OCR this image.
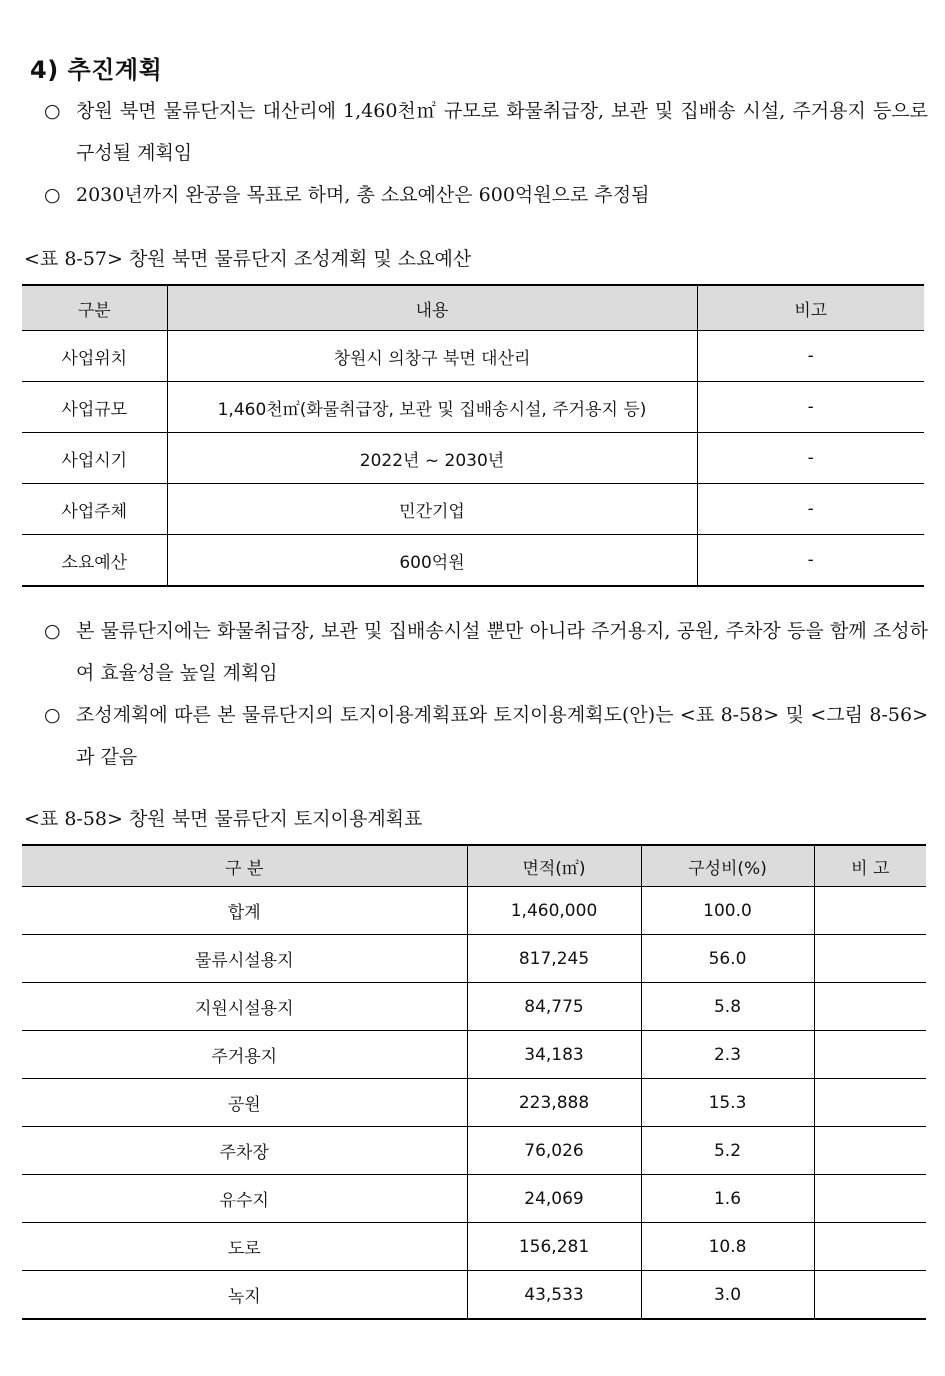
4) 추진계획
○ 창원 북면 물류단지는 대산리에 1,460천㎡ 규모로 화물취급장, 보관 및 집배송 시설, 주거용지 등으로 구성될 계획임
○ 2030년까지 완공을 목표로 하며, 총 소요예산은 600억원으로 추정됨
<표 8-57> 창원 북면 물류단지 조성계획 및 소요예산
구분	내용	비고
사업위치	창원시 의창구 북면 대산리	-
사업규모	1,460천㎡(화물취급장, 보관 및 집배송시설, 주거용지 등)	-
사업시기	2022년 ~ 2030년	-
사업주체	민간기업	-
소요예산	600억원	-
○ 본 물류단지에는 화물취급장, 보관 및 집배송시설 뿐만 아니라 주거용지, 공원, 주차장 등을 함께 조성하여 효율성을 높일 계획임
○ 조성계획에 따른 본 물류단지의 토지이용계획표와 토지이용계획도(안)는 <표 8-58> 및 <그림 8-56>과 같음
<표 8-58> 창원 북면 물류단지 토지이용계획표
구 분	면적(㎡)	구성비(%)	비 고
합계	1,460,000	100.0	
물류시설용지	817,245	56.0	
지원시설용지	84,775	5.8	
주거용지	34,183	2.3	
공원	223,888	15.3	
주차장	76,026	5.2	
유수지	24,069	1.6	
도로	156,281	10.8	
녹지	43,533	3.0	
